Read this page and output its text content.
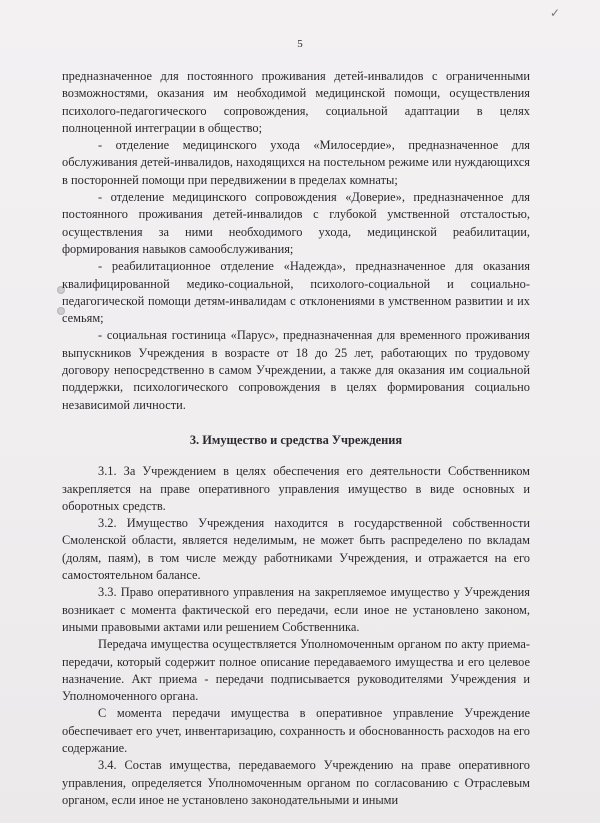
✓
5

предназначенное для постоянного проживания детей-инвалидов с ограниченными возможностями, оказания им необходимой медицинской помощи, осуществления психолого-педагогического сопровождения, социальной адаптации в целях полноценной интеграции в общество;

- отделение медицинского ухода «Милосердие», предназначенное для обслуживания детей-инвалидов, находящихся на постельном режиме или нуждающихся в посторонней помощи при передвижении в пределах комнаты;

- отделение медицинского сопровождения «Доверие», предназначенное для постоянного проживания детей-инвалидов с глубокой умственной отсталостью, осуществления за ними необходимого ухода, медицинской реабилитации, формирования навыков самообслуживания;

- реабилитационное отделение «Надежда», предназначенное для оказания квалифицированной медико-социальной, психолого-социальной и социально-педагогической помощи детям-инвалидам с отклонениями в умственном развитии и их семьям;

- социальная гостиница «Парус», предназначенная для временного проживания выпускников Учреждения в возрасте от 18 до 25 лет, работающих по трудовому договору непосредственно в самом Учреждении, а также для оказания им социальной поддержки, психологического сопровождения в целях формирования социально независимой личности.

3. Имущество и средства Учреждения

3.1. За Учреждением в целях обеспечения его деятельности Собственником закрепляется на праве оперативного управления имущество в виде основных и оборотных средств.

3.2. Имущество Учреждения находится в государственной собственности Смоленской области, является неделимым, не может быть распределено по вкладам (долям, паям), в том числе между работниками Учреждения, и отражается на его самостоятельном балансе.

3.3. Право оперативного управления на закрепляемое имущество у Учреждения возникает с момента фактической его передачи, если иное не установлено законом, иными правовыми актами или решением Собственника.

Передача имущества осуществляется Уполномоченным органом по акту приема-передачи, который содержит полное описание передаваемого имущества и его целевое назначение. Акт приема - передачи подписывается руководителями Учреждения и Уполномоченного органа.

С момента передачи имущества в оперативное управление Учреждение обеспечивает его учет, инвентаризацию, сохранность и обоснованность расходов на его содержание.

3.4. Состав имущества, передаваемого Учреждению на праве оперативного управления, определяется Уполномоченным органом по согласованию с Отраслевым органом, если иное не установлено законодательными и иными
